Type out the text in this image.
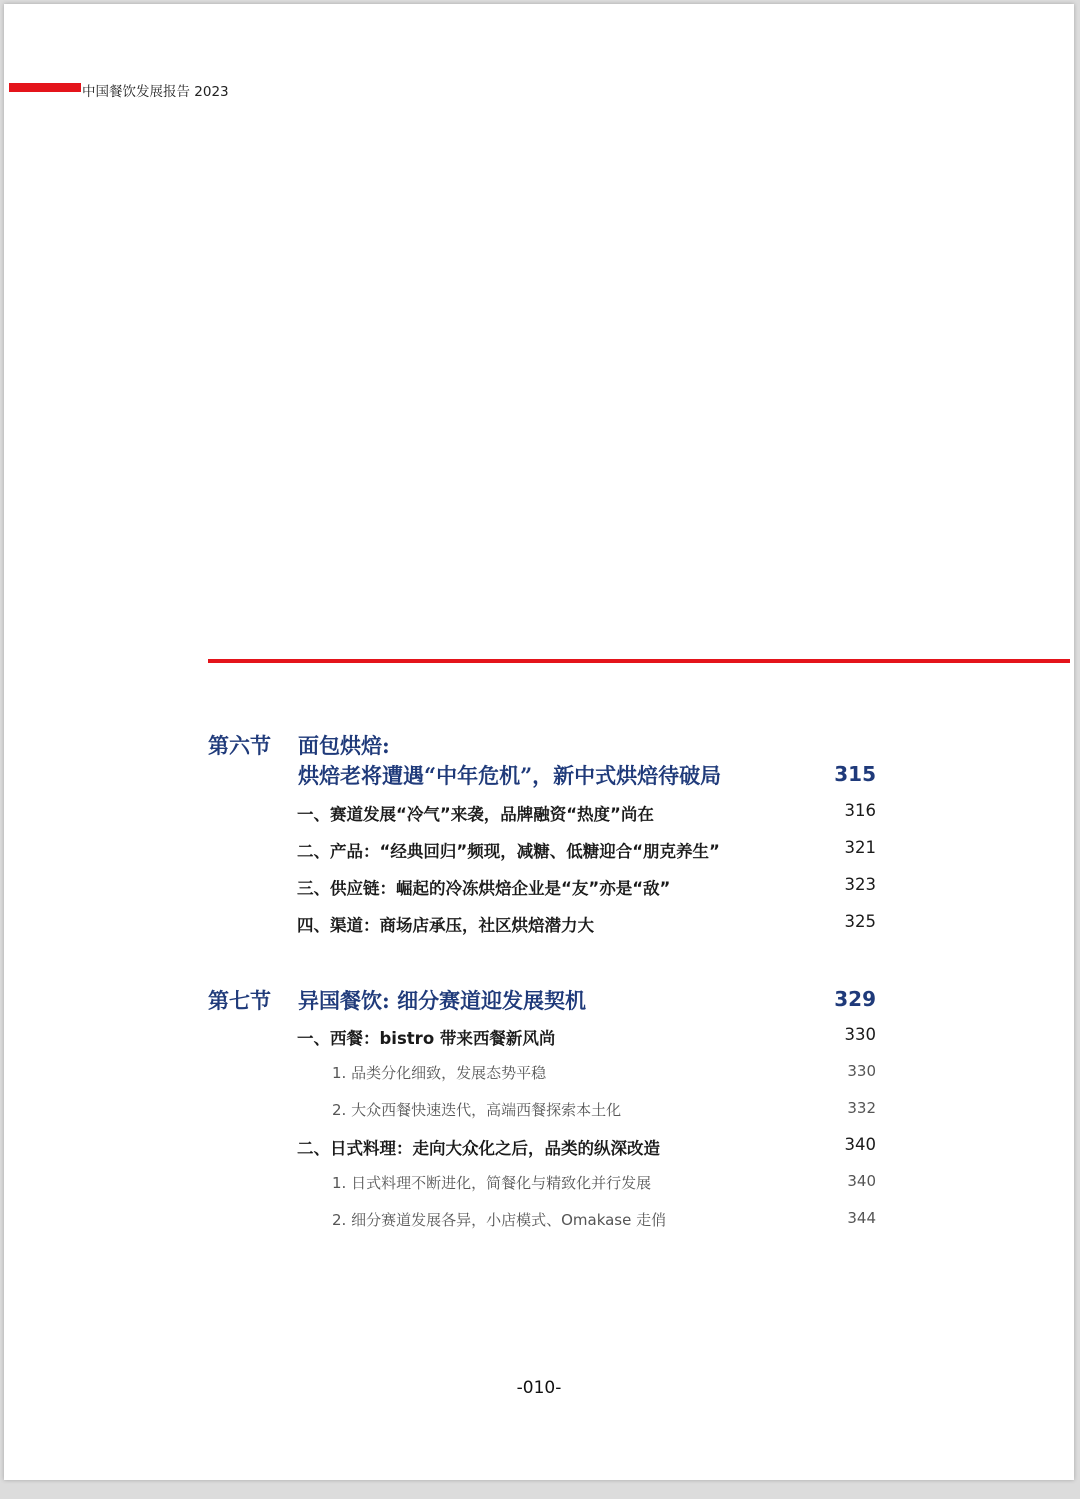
中国餐饮发展报告 2023
第六节 面包烘焙:
烘焙老将遭遇“中年危机”，新中式烘焙待破局	315
一、赛道发展“冷气”来袭，品牌融资“热度”尚在	316
二、产品：“经典回归”频现，减糖、低糖迎合“朋克养生”	321
三、供应链：崛起的冷冻烘焙企业是“友”亦是“敌”	323
四、渠道：商场店承压，社区烘焙潜力大	325
第七节 异国餐饮: 细分赛道迎发展契机	329
一、西餐：bistro 带来西餐新风尚	330
1. 品类分化细致，发展态势平稳	330
2. 大众西餐快速迭代，高端西餐探索本土化	332
二、日式料理：走向大众化之后，品类的纵深改造	340
1. 日式料理不断进化，简餐化与精致化并行发展	340
2. 细分赛道发展各异，小店模式、Omakase 走俏	344
-010-
